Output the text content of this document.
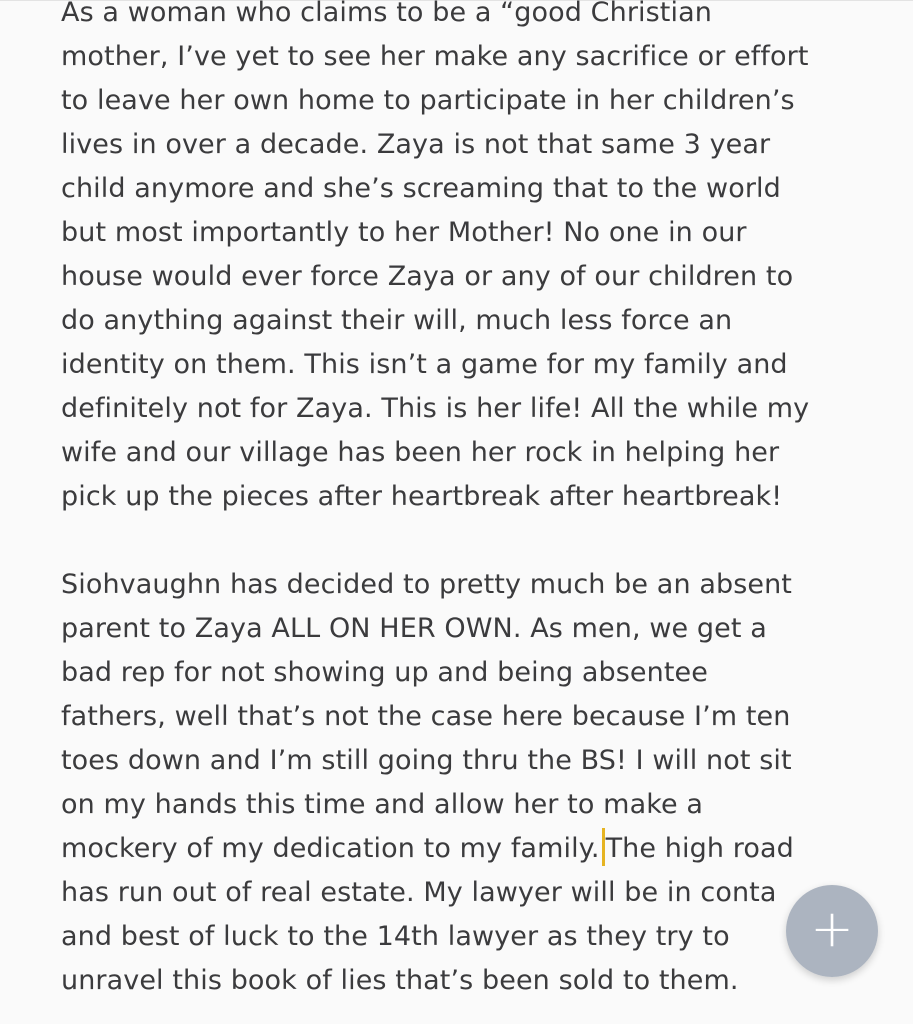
As a woman who claims to be a “good Christian
mother, I’ve yet to see her make any sacrifice or effort
to leave her own home to participate in her children’s
lives in over a decade. Zaya is not that same 3 year
child anymore and she’s screaming that to the world
but most importantly to her Mother! No one in our
house would ever force Zaya or any of our children to
do anything against their will, much less force an
identity on them. This isn’t a game for my family and
definitely not for Zaya. This is her life! All the while my
wife and our village has been her rock in helping her
pick up the pieces after heartbreak after heartbreak!
Siohvaughn has decided to pretty much be an absent
parent to Zaya ALL ON HER OWN. As men, we get a
bad rep for not showing up and being absentee
fathers, well that’s not the case here because I’m ten
toes down and I’m still going thru the BS! I will not sit
on my hands this time and allow her to make a
mockery of my dedication to my family. The high road
has run out of real estate. My lawyer will be in conta
and best of luck to the 14th lawyer as they try to
unravel this book of lies that’s been sold to them.
+
